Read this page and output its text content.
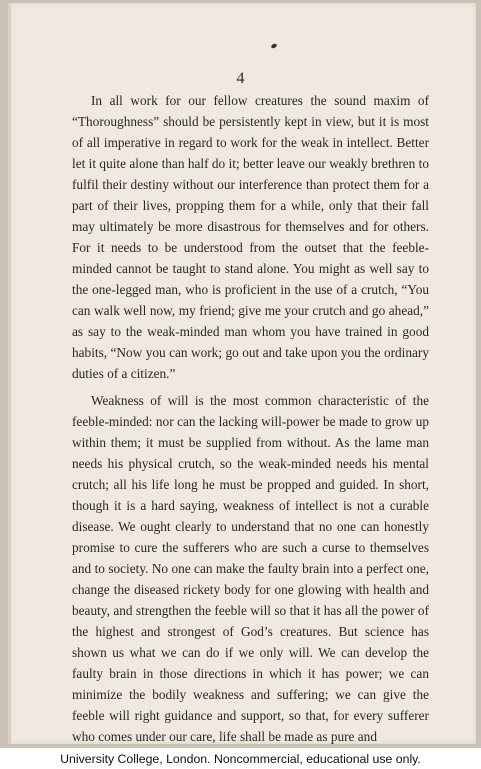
4

In all work for our fellow creatures the sound maxim of “Thoroughness” should be persistently kept in view, but it is most of all imperative in regard to work for the weak in intellect. Better let it quite alone than half do it; better leave our weakly brethren to fulfil their destiny without our interference than protect them for a part of their lives, propping them for a while, only that their fall may ultimately be more disastrous for themselves and for others. For it needs to be understood from the outset that the feeble-minded cannot be taught to stand alone. You might as well say to the one-legged man, who is proficient in the use of a crutch, “You can walk well now, my friend; give me your crutch and go ahead,” as say to the weak-minded man whom you have trained in good habits, “Now you can work; go out and take upon you the ordinary duties of a citizen.”

Weakness of will is the most common characteristic of the feeble-minded: nor can the lacking will-power be made to grow up within them; it must be supplied from without. As the lame man needs his physical crutch, so the weak-minded needs his mental crutch; all his life long he must be propped and guided. In short, though it is a hard saying, weakness of intellect is not a curable disease. We ought clearly to understand that no one can honestly promise to cure the sufferers who are such a curse to themselves and to society. No one can make the faulty brain into a perfect one, change the diseased rickety body for one glowing with health and beauty, and strengthen the feeble will so that it has all the power of the highest and strongest of God’s creatures. But science has shown us what we can do if we only will. We can develop the faulty brain in those directions in which it has power; we can minimize the bodily weakness and suffering; we can give the feeble will right guidance and support, so that, for every sufferer who comes under our care, life shall be made as pure and

University College, London. Noncommercial, educational use only.
